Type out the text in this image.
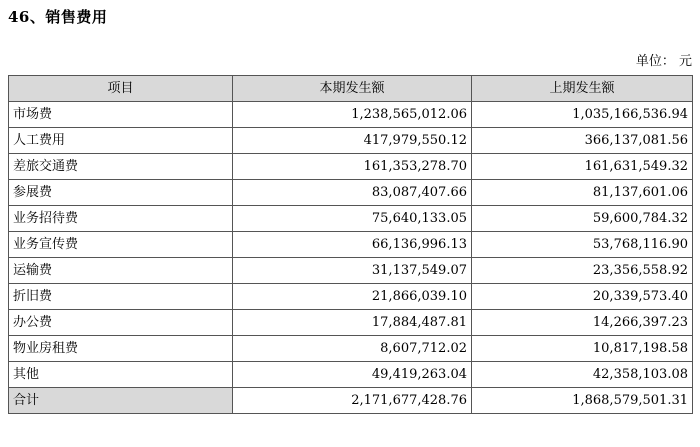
46、销售费用
单位： 元
项目	本期发生额	上期发生额
市场费	1,238,565,012.06	1,035,166,536.94
人工费用	417,979,550.12	366,137,081.56
差旅交通费	161,353,278.70	161,631,549.32
参展费	83,087,407.66	81,137,601.06
业务招待费	75,640,133.05	59,600,784.32
业务宣传费	66,136,996.13	53,768,116.90
运输费	31,137,549.07	23,356,558.92
折旧费	21,866,039.10	20,339,573.40
办公费	17,884,487.81	14,266,397.23
物业房租费	8,607,712.02	10,817,198.58
其他	49,419,263.04	42,358,103.08
合计	2,171,677,428.76	1,868,579,501.31
